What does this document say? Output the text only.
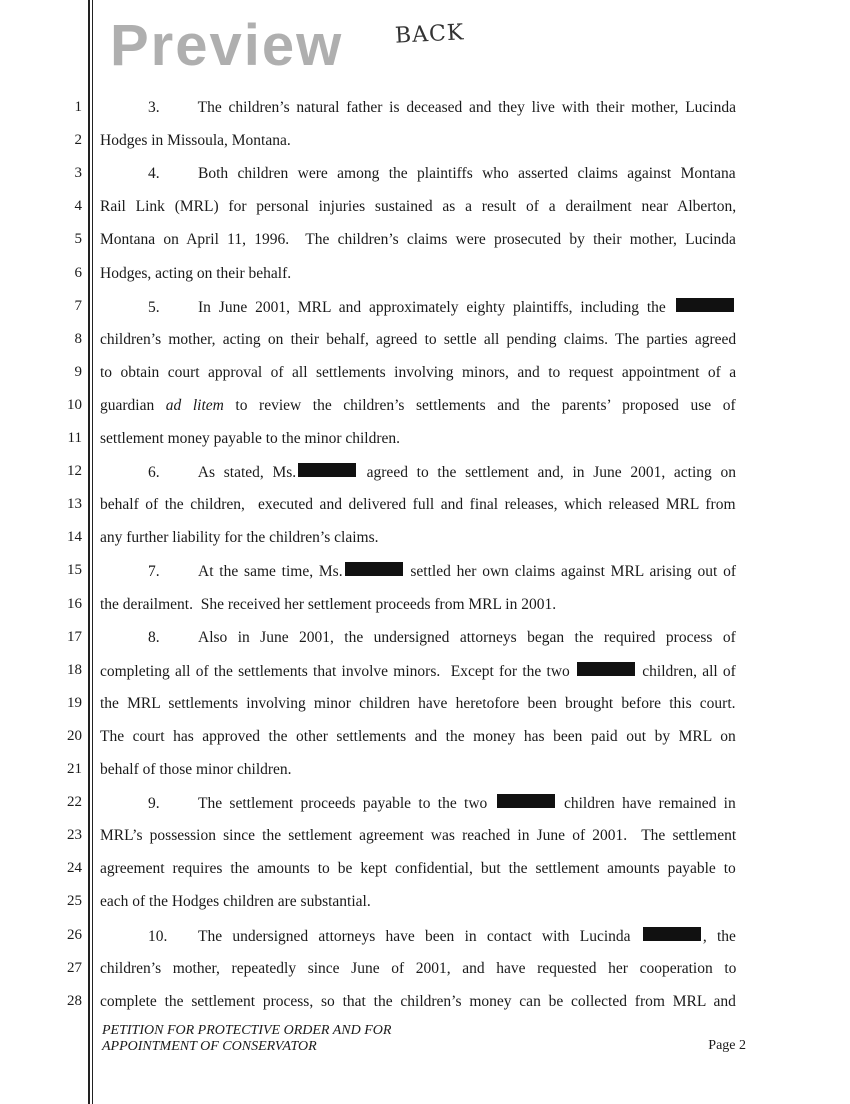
Preview BACK
1	3.	The children’s natural father is deceased and they live with their mother, Lucinda
2 Hodges in Missoula, Montana.
3	4.	Both children were among the plaintiffs who asserted claims against Montana
4 Rail Link (MRL) for personal injuries sustained as a result of a derailment near Alberton,
5 Montana on April 11, 1996.  The children’s claims were prosecuted by their mother, Lucinda
6 Hodges, acting on their behalf.
7	5.	In June 2001, MRL and approximately eighty plaintiffs, including the
8 children’s mother, acting on their behalf, agreed to settle all pending claims. The parties agreed
9 to obtain court approval of all settlements involving minors, and to request appointment of a
10 guardian ad litem to review the children’s settlements and the parents’ proposed use of
11 settlement money payable to the minor children.
12	6.	As stated, Ms.	agreed to the settlement and, in June 2001, acting on
13 behalf of the children,  executed and delivered full and final releases, which released MRL from
14 any further liability for the children’s claims.
15	7.	At the same time, Ms.	settled her own claims against MRL arising out of
16 the derailment.  She received her settlement proceeds from MRL in 2001.
17	8.	Also in June 2001, the undersigned attorneys began the required process of
18 completing all of the settlements that involve minors.  Except for the two	children, all of
19 the MRL settlements involving minor children have heretofore been brought before this court.
20 The court has approved the other settlements and the money has been paid out by MRL on
21 behalf of those minor children.
22	9.	The settlement proceeds payable to the two	children have remained in
23 MRL’s possession since the settlement agreement was reached in June of 2001.  The settlement
24 agreement requires the amounts to be kept confidential, but the settlement amounts payable to
25 each of the Hodges children are substantial.
26	10.	The undersigned attorneys have been in contact with Lucinda	, the
27 children’s mother, repeatedly since June of 2001, and have requested her cooperation to
28 complete the settlement process, so that the children’s money can be collected from MRL and
PETITION FOR PROTECTIVE ORDER AND FOR
APPOINTMENT OF CONSERVATOR	Page 2
